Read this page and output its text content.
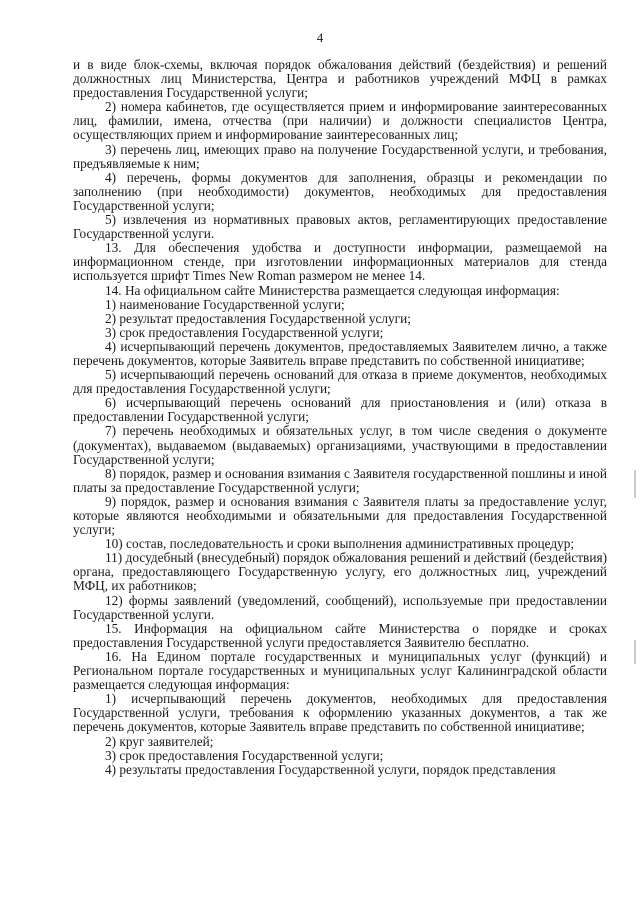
4

и в виде блок-схемы, включая порядок обжалования действий (бездействия) и решений должностных лиц Министерства, Центра и работников учреждений МФЦ в рамках предоставления Государственной услуги;

2) номера кабинетов, где осуществляется прием и информирование заинтересованных лиц, фамилии, имена, отчества (при наличии) и должности специалистов Центра, осуществляющих прием и информирование заинтересованных лиц;

3) перечень лиц, имеющих право на получение Государственной услуги, и требования, предъявляемые к ним;

4) перечень, формы документов для заполнения, образцы и рекомендации по заполнению (при необходимости) документов, необходимых для предоставления Государственной услуги;

5) извлечения из нормативных правовых актов, регламентирующих предоставление Государственной услуги.

13. Для обеспечения удобства и доступности информации, размещаемой на информационном стенде, при изготовлении информационных материалов для стенда используется шрифт Times New Roman размером не менее 14.

14. На официальном сайте Министерства размещается следующая информация:

1) наименование Государственной услуги;

2) результат предоставления Государственной услуги;

3) срок предоставления Государственной услуги;

4) исчерпывающий перечень документов, предоставляемых Заявителем лично, а также перечень документов, которые Заявитель вправе представить по собственной инициативе;

5) исчерпывающий перечень оснований для отказа в приеме документов, необходимых для предоставления Государственной услуги;

6) исчерпывающий перечень оснований для приостановления и (или) отказа в предоставлении Государственной услуги;

7) перечень необходимых и обязательных услуг, в том числе сведения о документе (документах), выдаваемом (выдаваемых) организациями, участвующими в предоставлении Государственной услуги;

8) порядок, размер и основания взимания с Заявителя государственной пошлины и иной платы за предоставление Государственной услуги;

9) порядок, размер и основания взимания с Заявителя платы за предоставление услуг, которые являются необходимыми и обязательными для предоставления Государственной услуги;

10) состав, последовательность и сроки выполнения административных процедур;

11) досудебный (внесудебный) порядок обжалования решений и действий (бездействия) органа, предоставляющего Государственную услугу, его должностных лиц, учреждений МФЦ, их работников;

12) формы заявлений (уведомлений, сообщений), используемые при предоставлении Государственной услуги.

15. Информация на официальном сайте Министерства о порядке и сроках предоставления Государственной услуги предоставляется Заявителю бесплатно.

16. На Едином портале государственных и муниципальных услуг (функций) и Региональном портале государственных и муниципальных услуг Калининградской области размещается следующая информация:

1) исчерпывающий перечень документов, необходимых для предоставления Государственной услуги, требования к оформлению указанных документов, а так же перечень документов, которые Заявитель вправе представить по собственной инициативе;

2) круг заявителей;

3) срок предоставления Государственной услуги;

4) результаты предоставления Государственной услуги, порядок представления
